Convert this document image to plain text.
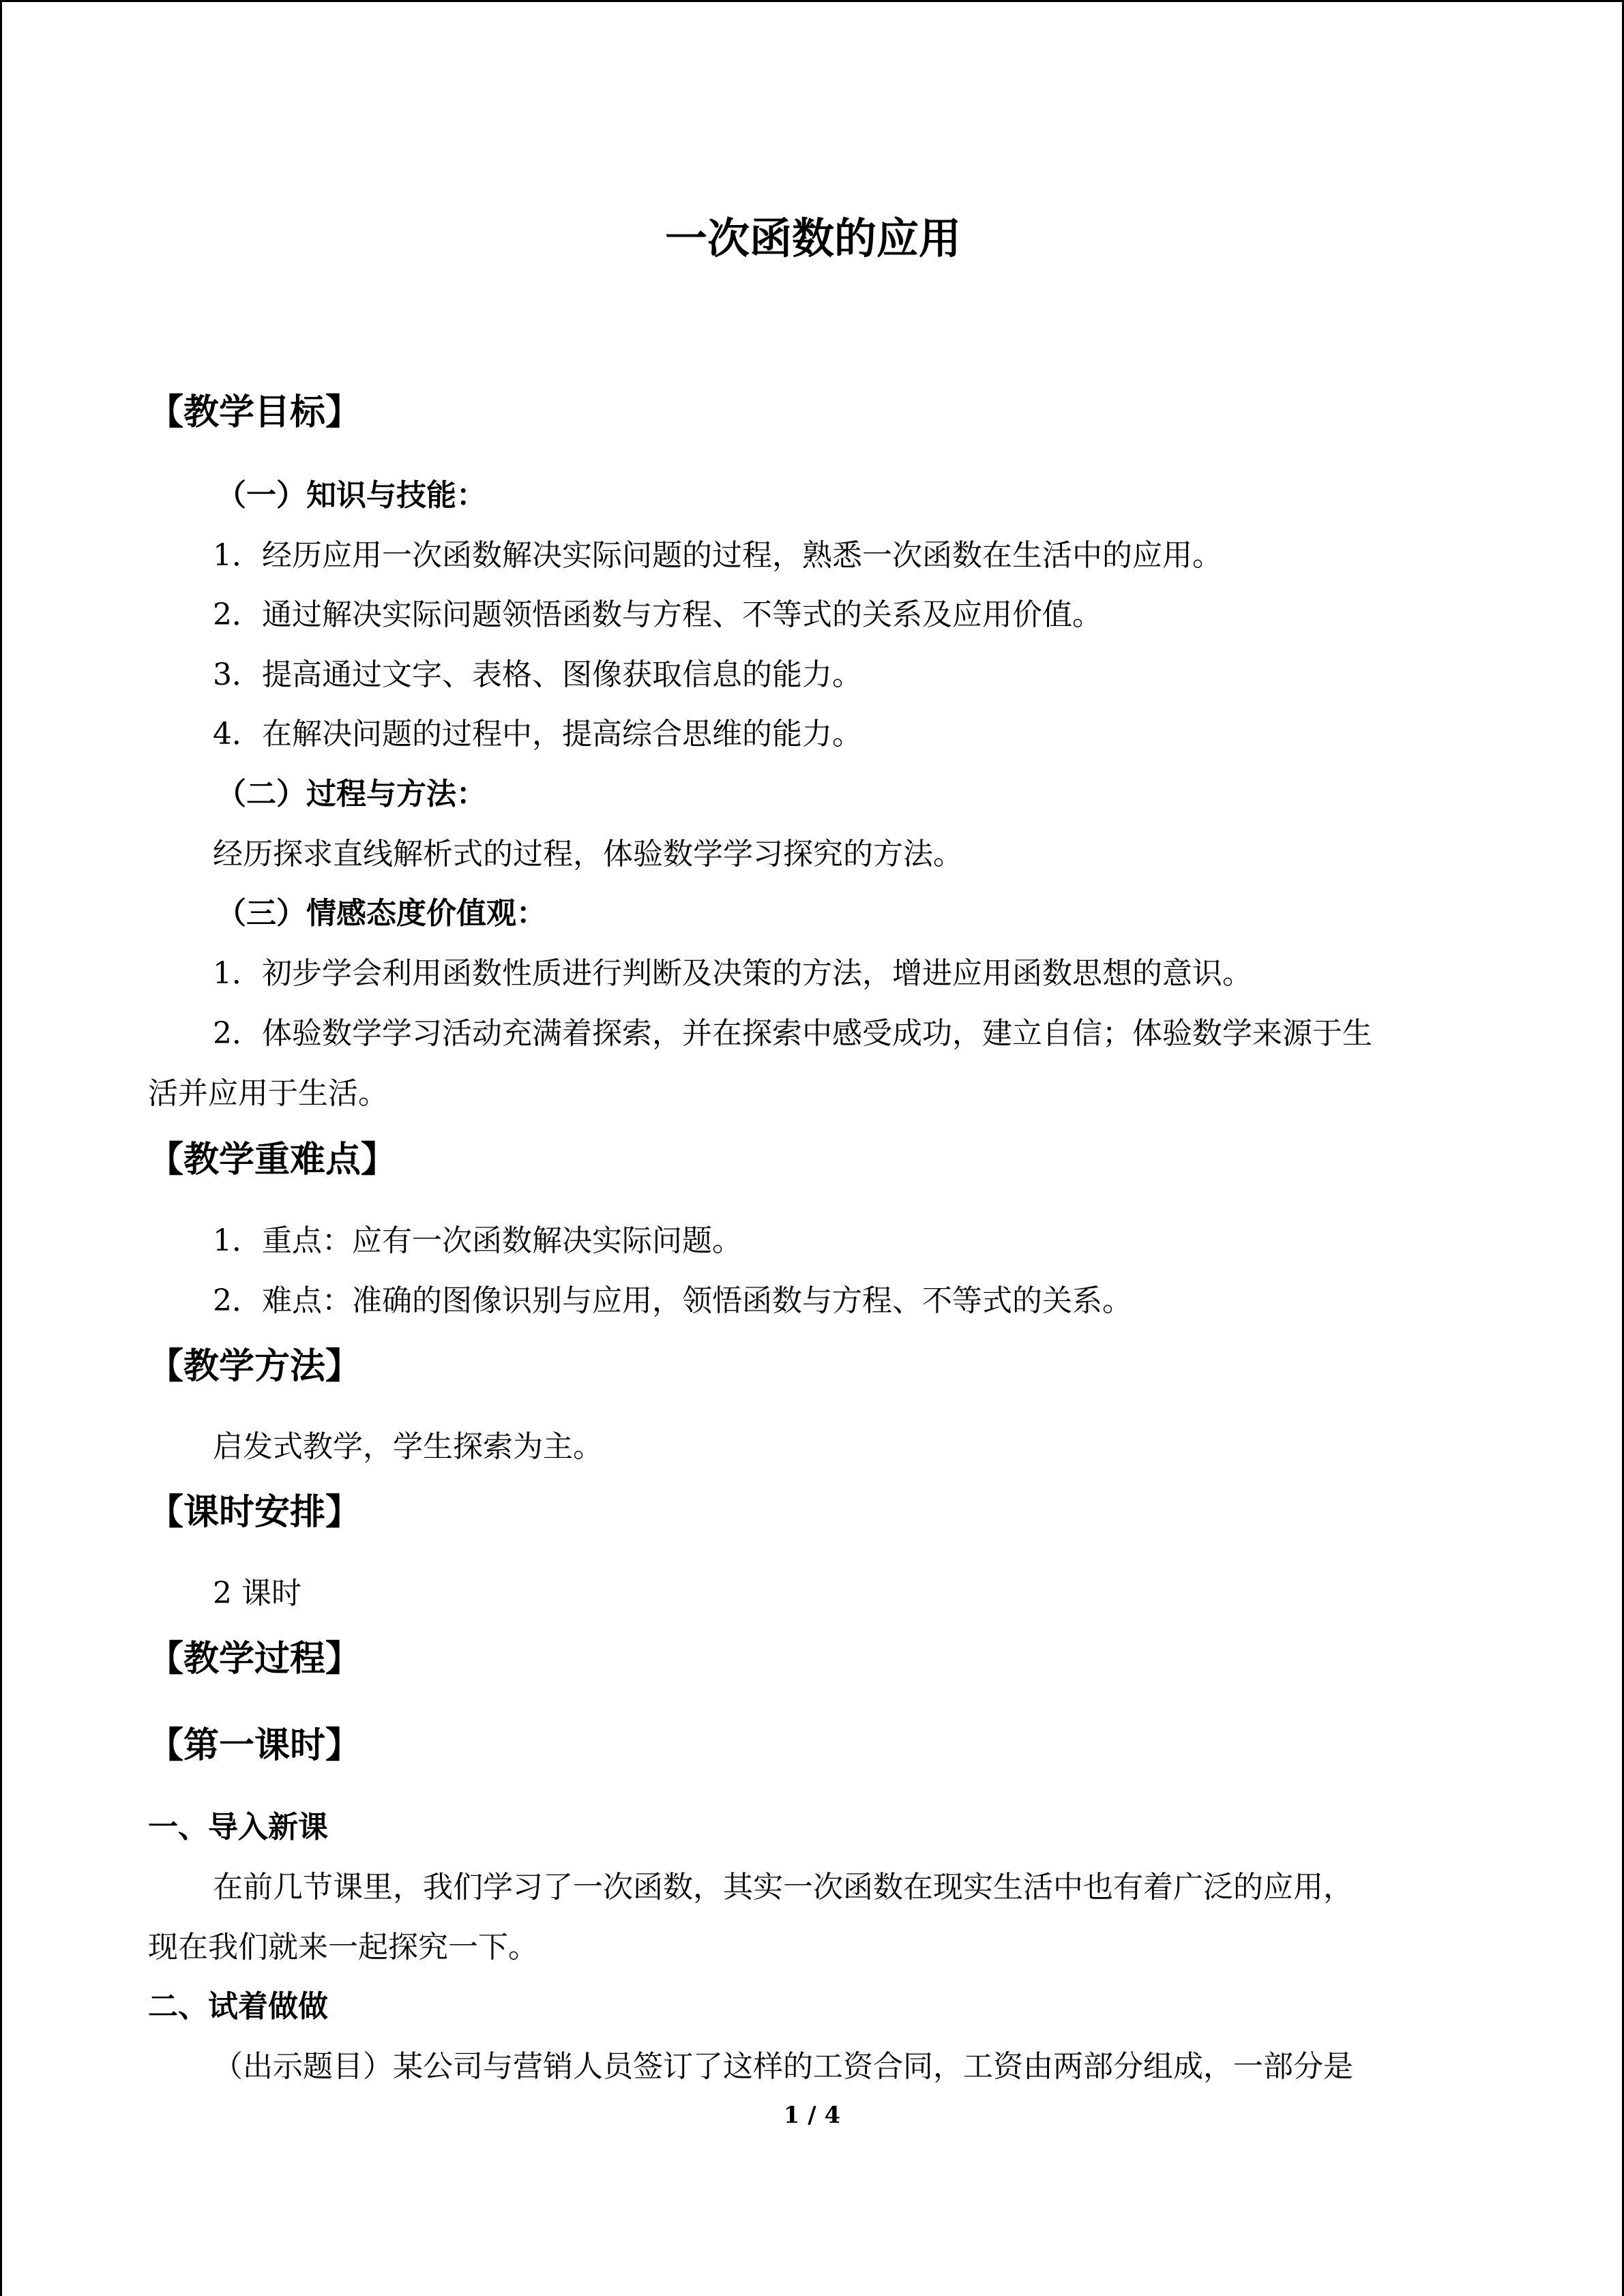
一次函数的应用
【教学目标】
（一）知识与技能：
1．经历应用一次函数解决实际问题的过程，熟悉一次函数在生活中的应用。
2．通过解决实际问题领悟函数与方程、不等式的关系及应用价值。
3．提高通过文字、表格、图像获取信息的能力。
4．在解决问题的过程中，提高综合思维的能力。
（二）过程与方法：
经历探求直线解析式的过程，体验数学学习探究的方法。
（三）情感态度价值观：
1．初步学会利用函数性质进行判断及决策的方法，增进应用函数思想的意识。
2．体验数学学习活动充满着探索，并在探索中感受成功，建立自信；体验数学来源于生
活并应用于生活。
【教学重难点】
1．重点：应有一次函数解决实际问题。
2．难点：准确的图像识别与应用，领悟函数与方程、不等式的关系。
【教学方法】
启发式教学，学生探索为主。
【课时安排】
2 课时
【教学过程】
【第一课时】
一、导入新课
在前几节课里，我们学习了一次函数，其实一次函数在现实生活中也有着广泛的应用，
现在我们就来一起探究一下。
二、试着做做
（出示题目）某公司与营销人员签订了这样的工资合同，工资由两部分组成，一部分是
1 / 4
